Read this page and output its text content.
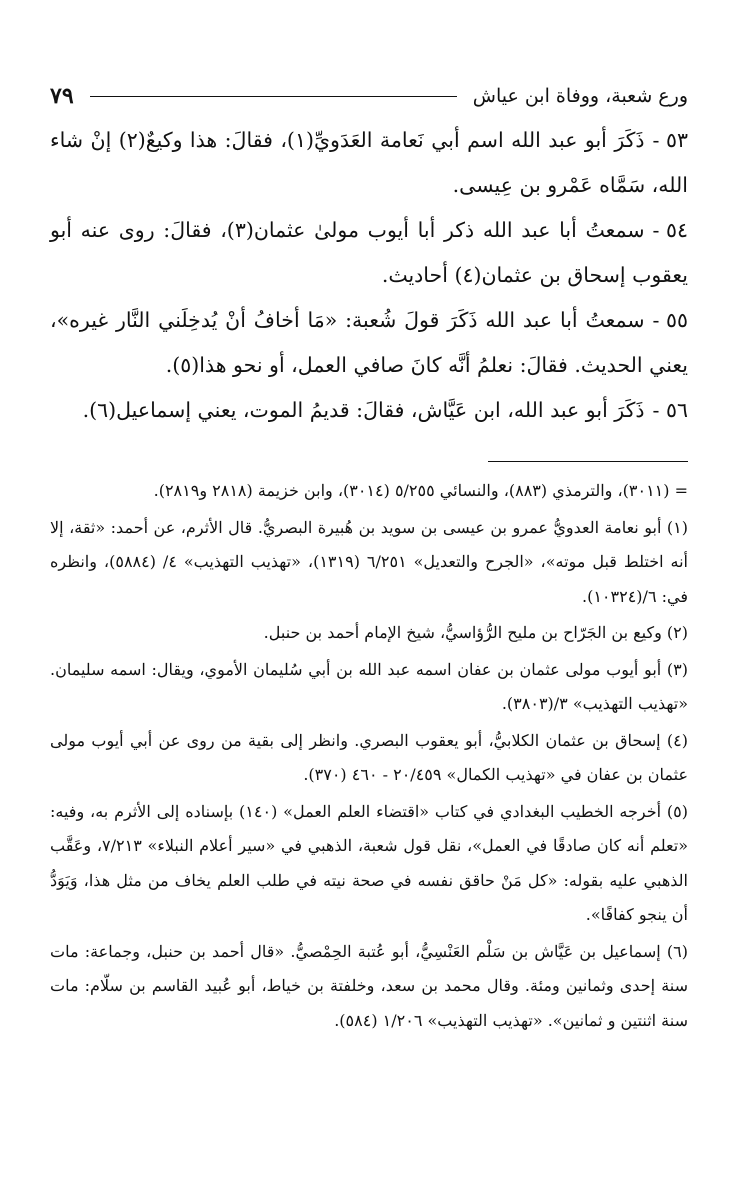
ورع شعبة، ووفاة ابن عياش
٧٩
٥٣ -ذَكَرَ أبو عبد الله اسم أبي نَعامة العَدَويِّ(١)، فقالَ: هذا وكيعٌ(٢) إنْ شاء الله، سَمَّاه عَمْرو بن عِيسى.
٥٤ -سمعتُ أبا عبد الله ذكر أبا أيوب مولىٰ عثمان(٣)، فقالَ: روى عنه أبو يعقوب إسحاق بن عثمان(٤) أحاديث.
٥٥ -سمعتُ أبا عبد الله ذَكَرَ قولَ شُعبة: «مَا أخافُ أنْ يُدخِلَني النَّار غيره»، يعني الحديث. فقالَ: نعلمُ أنَّه كانَ صافي العمل، أو نحو هذا(٥).
٥٦ -ذَكَرَ أبو عبد الله، ابن عَيَّاش، فقالَ: قديمُ الموت، يعني إسماعيل(٦).
= (٣٠١١)، والترمذي (٨٨٣)، والنسائي ٥/٢٥٥ (٣٠١٤)، وابن خزيمة (٢٨١٨ و٢٨١٩).
(١) أبو نعامة العدويُّ عمرو بن عيسى بن سويد بن هُبيرة البصريُّ. قال الأثرم، عن أحمد: «ثقة، إلا أنه اختلط قبل موته»، «الجرح والتعديل» ٦/٢٥١ (١٣١٩)، «تهذيب التهذيب» ٤/ (٥٨٨٤)، وانظره في: ٦/(١٠٣٢٤).
(٢) وكيع بن الجَرّاح بن مليح الرُّؤاسيُّ، شيخ الإمام أحمد بن حنبل.
(٣) أبو أيوب مولى عثمان بن عفان اسمه عبد الله بن أبي سُليمان الأموي، ويقال: اسمه سليمان. «تهذيب التهذيب» ٣/(٣٨٠٣).
(٤) إسحاق بن عثمان الكلابيُّ، أبو يعقوب البصري. وانظر إلى بقية من روى عن أبي أيوب مولى عثمان بن عفان في «تهذيب الكمال» ٢٠/٤٥٩ - ٤٦٠ (٣٧٠).
(٥) أخرجه الخطيب البغدادي في كتاب «اقتضاء العلم العمل» (١٤٠) بإسناده إلى الأثرم به، وفيه: «تعلم أنه كان صادقًا في العمل»، نقل قول شعبة، الذهبي في «سير أعلام النبلاء» ٧/٢١٣، وعَقَّب الذهبي عليه بقوله: «كل مَنْ حاقق نفسه في صحة نيته في طلب العلم يخاف من مثل هذا، وَيَوَدُّ أن ينجو كفافًا».
(٦) إسماعيل بن عَيَّاش بن سَلْم العَنْسِيُّ، أبو عُتبة الحِمْصيُّ. «قال أحمد بن حنبل، وجماعة: مات سنة إحدى وثمانين ومئة. وقال محمد بن سعد، وخلفتة بن خياط، أبو عُبيد القاسم بن سلّام: مات سنة اثنتين و ثمانين». «تهذيب التهذيب» ١/٢٠٦ (٥٨٤).
